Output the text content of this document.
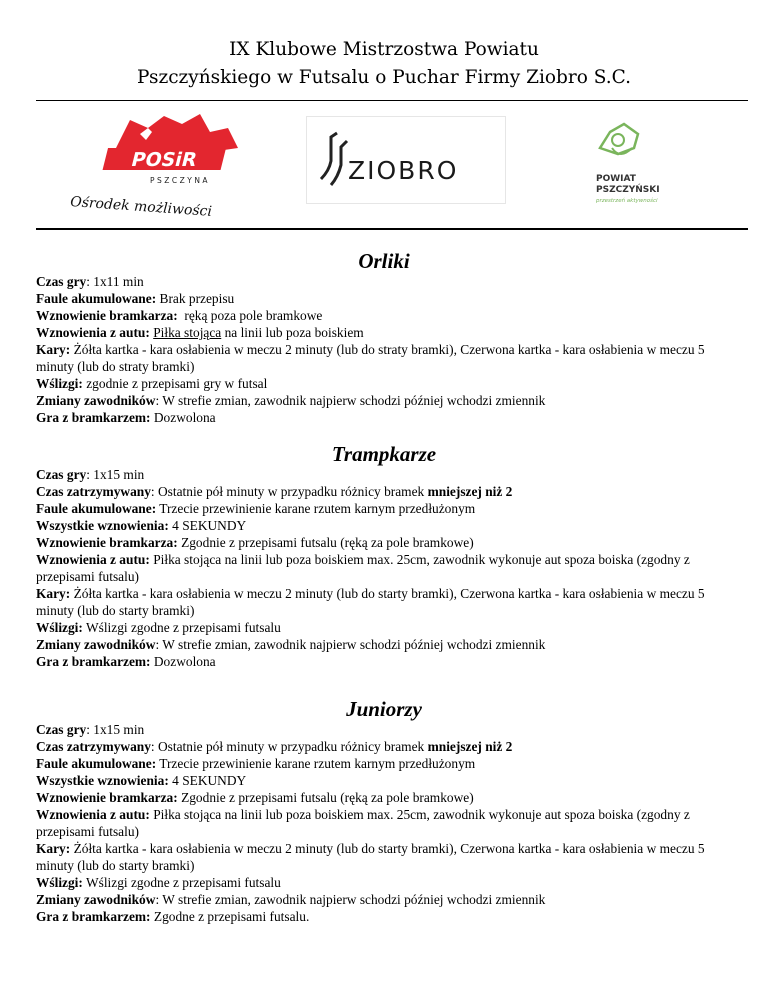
IX Klubowe Mistrzostwa Powiatu
Pszczyńskiego w Futsalu o Puchar Firmy Ziobro S.C.
POSiR
PSZCZYNA
Ośrodek możliwości
ZIOBRO	POWIAT
PSZCZYŃSKI
przestrzeń aktywności
Orliki
Czas gry: 1x11 min
Faule akumulowane: Brak przepisu
Wznowienie bramkarza: ręką poza pole bramkowe
Wznowienia z autu: Piłka stojąca na linii lub poza boiskiem
Kary: Żółta kartka - kara osłabienia w meczu 2 minuty (lub do straty bramki), Czerwona kartka - kara osłabienia w meczu 5 minuty (lub do straty bramki)
Wślizgi: zgodnie z przepisami gry w futsal
Zmiany zawodników: W strefie zmian, zawodnik najpierw schodzi później wchodzi zmiennik
Gra z bramkarzem: Dozwolona
Trampkarze
Czas gry: 1x15 min
Czas zatrzymywany: Ostatnie pół minuty w przypadku różnicy bramek mniejszej niż 2
Faule akumulowane: Trzecie przewinienie karane rzutem karnym przedłużonym
Wszystkie wznowienia: 4 SEKUNDY
Wznowienie bramkarza: Zgodnie z przepisami futsalu (ręką za pole bramkowe)
Wznowienia z autu: Piłka stojąca na linii lub poza boiskiem max. 25cm, zawodnik wykonuje aut spoza boiska (zgodny z przepisami futsalu)
Kary: Żółta kartka - kara osłabienia w meczu 2 minuty (lub do starty bramki), Czerwona kartka - kara osłabienia w meczu 5 minuty (lub do starty bramki)
Wślizgi: Wślizgi zgodne z przepisami futsalu
Zmiany zawodników: W strefie zmian, zawodnik najpierw schodzi później wchodzi zmiennik
Gra z bramkarzem: Dozwolona
Juniorzy
Czas gry: 1x15 min
Czas zatrzymywany: Ostatnie pół minuty w przypadku różnicy bramek mniejszej niż 2
Faule akumulowane: Trzecie przewinienie karane rzutem karnym przedłużonym
Wszystkie wznowienia: 4 SEKUNDY
Wznowienie bramkarza: Zgodnie z przepisami futsalu (ręką za pole bramkowe)
Wznowienia z autu: Piłka stojąca na linii lub poza boiskiem max. 25cm, zawodnik wykonuje aut spoza boiska (zgodny z przepisami futsalu)
Kary: Żółta kartka - kara osłabienia w meczu 2 minuty (lub do starty bramki), Czerwona kartka - kara osłabienia w meczu 5 minuty (lub do starty bramki)
Wślizgi: Wślizgi zgodne z przepisami futsalu
Zmiany zawodników: W strefie zmian, zawodnik najpierw schodzi później wchodzi zmiennik
Gra z bramkarzem: Zgodne z przepisami futsalu.
